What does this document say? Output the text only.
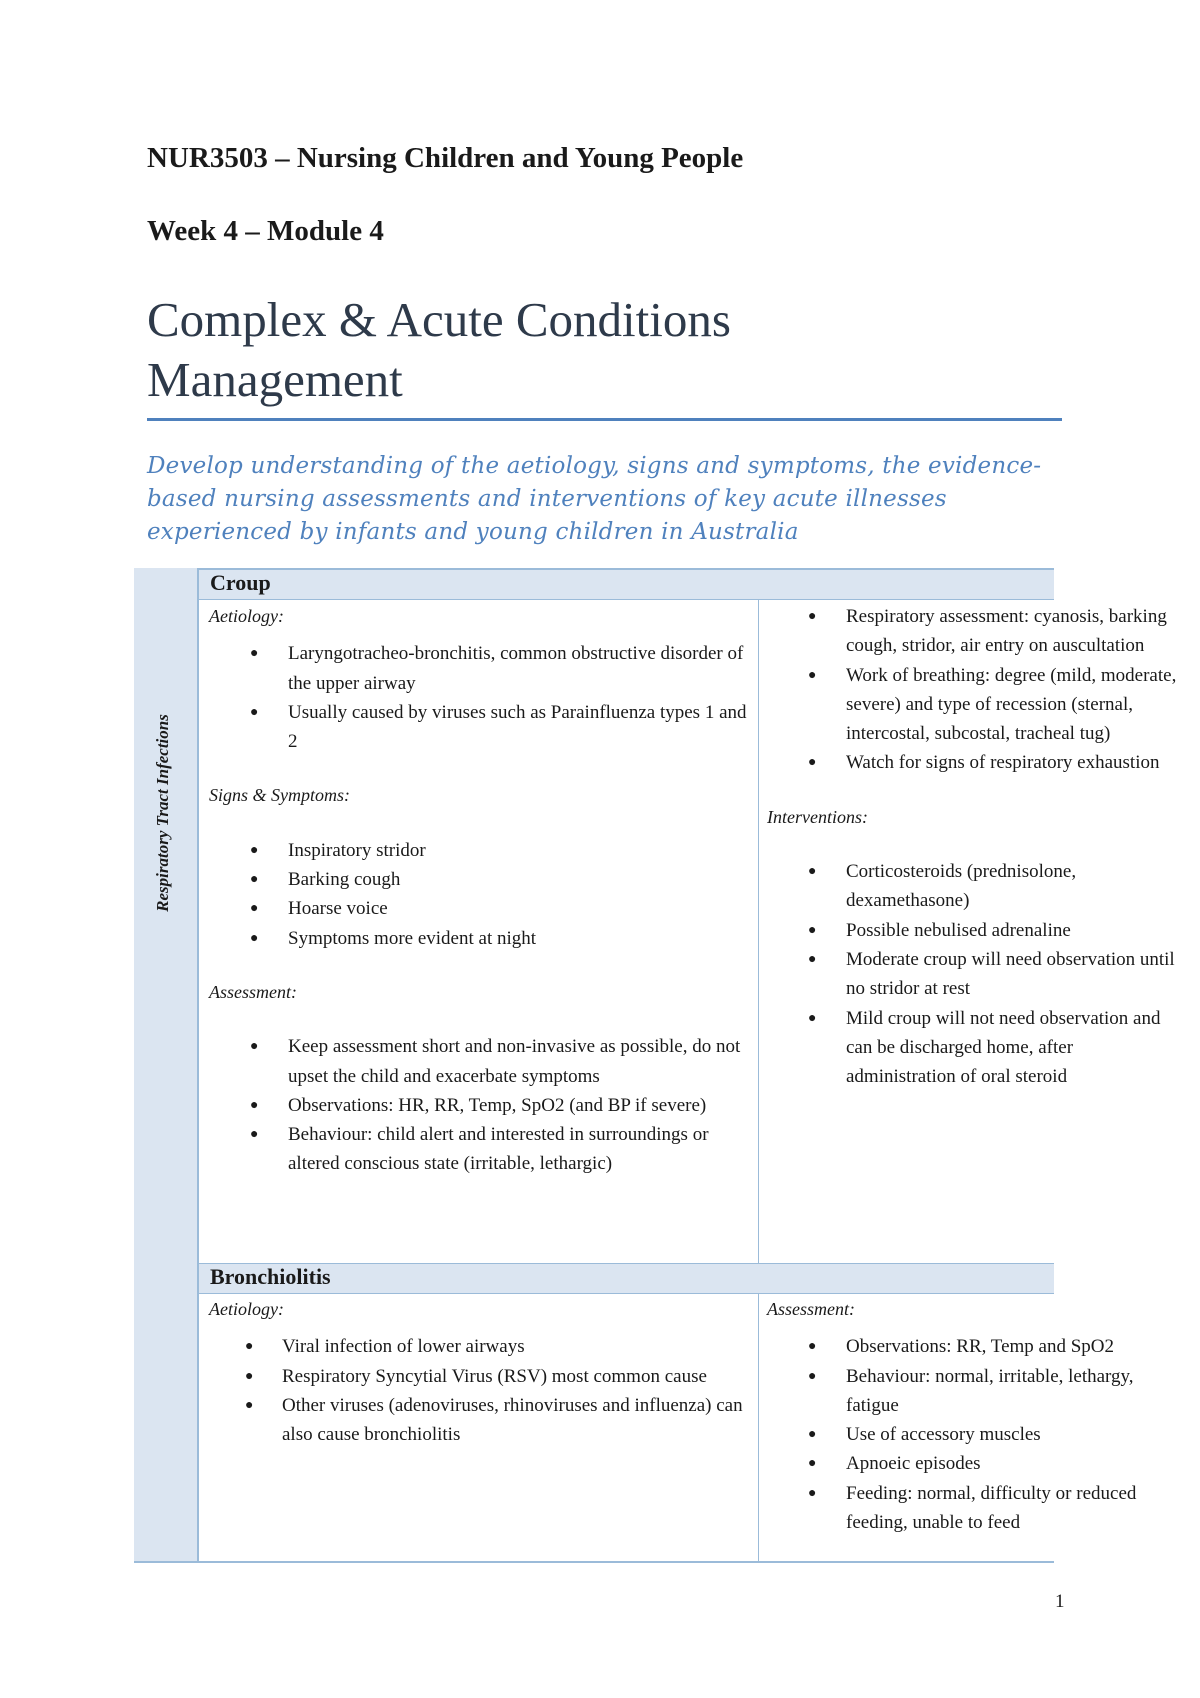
NUR3503 – Nursing Children and Young People
Week 4 – Module 4
Complex & Acute Conditions
Management

Develop understanding of the aetiology, signs and symptoms, the evidence-based nursing assessments and interventions of key acute illnesses experienced by infants and young children in Australia

Respiratory Tract Infections
Croup

Aetiology:

● Laryngotracheo-bronchitis, common obstructive disorder of the upper airway
● Usually caused by viruses such as Parainfluenza types 1 and 2

Signs & Symptoms:

● Inspiratory stridor
● Barking cough
● Hoarse voice
● Symptoms more evident at night

Assessment:

● Keep assessment short and non-invasive as possible, do not upset the child and exacerbate symptoms
● Observations: HR, RR, Temp, SpO2 (and BP if severe)
● Behaviour: child alert and interested in surroundings or altered conscious state (irritable, lethargic)
● Respiratory assessment: cyanosis, barking cough, stridor, air entry on auscultation
● Work of breathing: degree (mild, moderate, severe) and type of recession (sternal, intercostal, subcostal, tracheal tug)
● Watch for signs of respiratory exhaustion

Interventions:

● Corticosteroids (prednisolone, dexamethasone)
● Possible nebulised adrenaline
● Moderate croup will need observation until no stridor at rest
● Mild croup will not need observation and can be discharged home, after administration of oral steroid
Bronchiolitis

Aetiology:

● Viral infection of lower airways
● Respiratory Syncytial Virus (RSV) most common cause
● Other viruses (adenoviruses, rhinoviruses and influenza) can also cause bronchiolitis

Assessment:

● Observations: RR, Temp and SpO2
● Behaviour: normal, irritable, lethargy, fatigue
● Use of accessory muscles
● Apnoeic episodes
● Feeding: normal, difficulty or reduced feeding, unable to feed
1
